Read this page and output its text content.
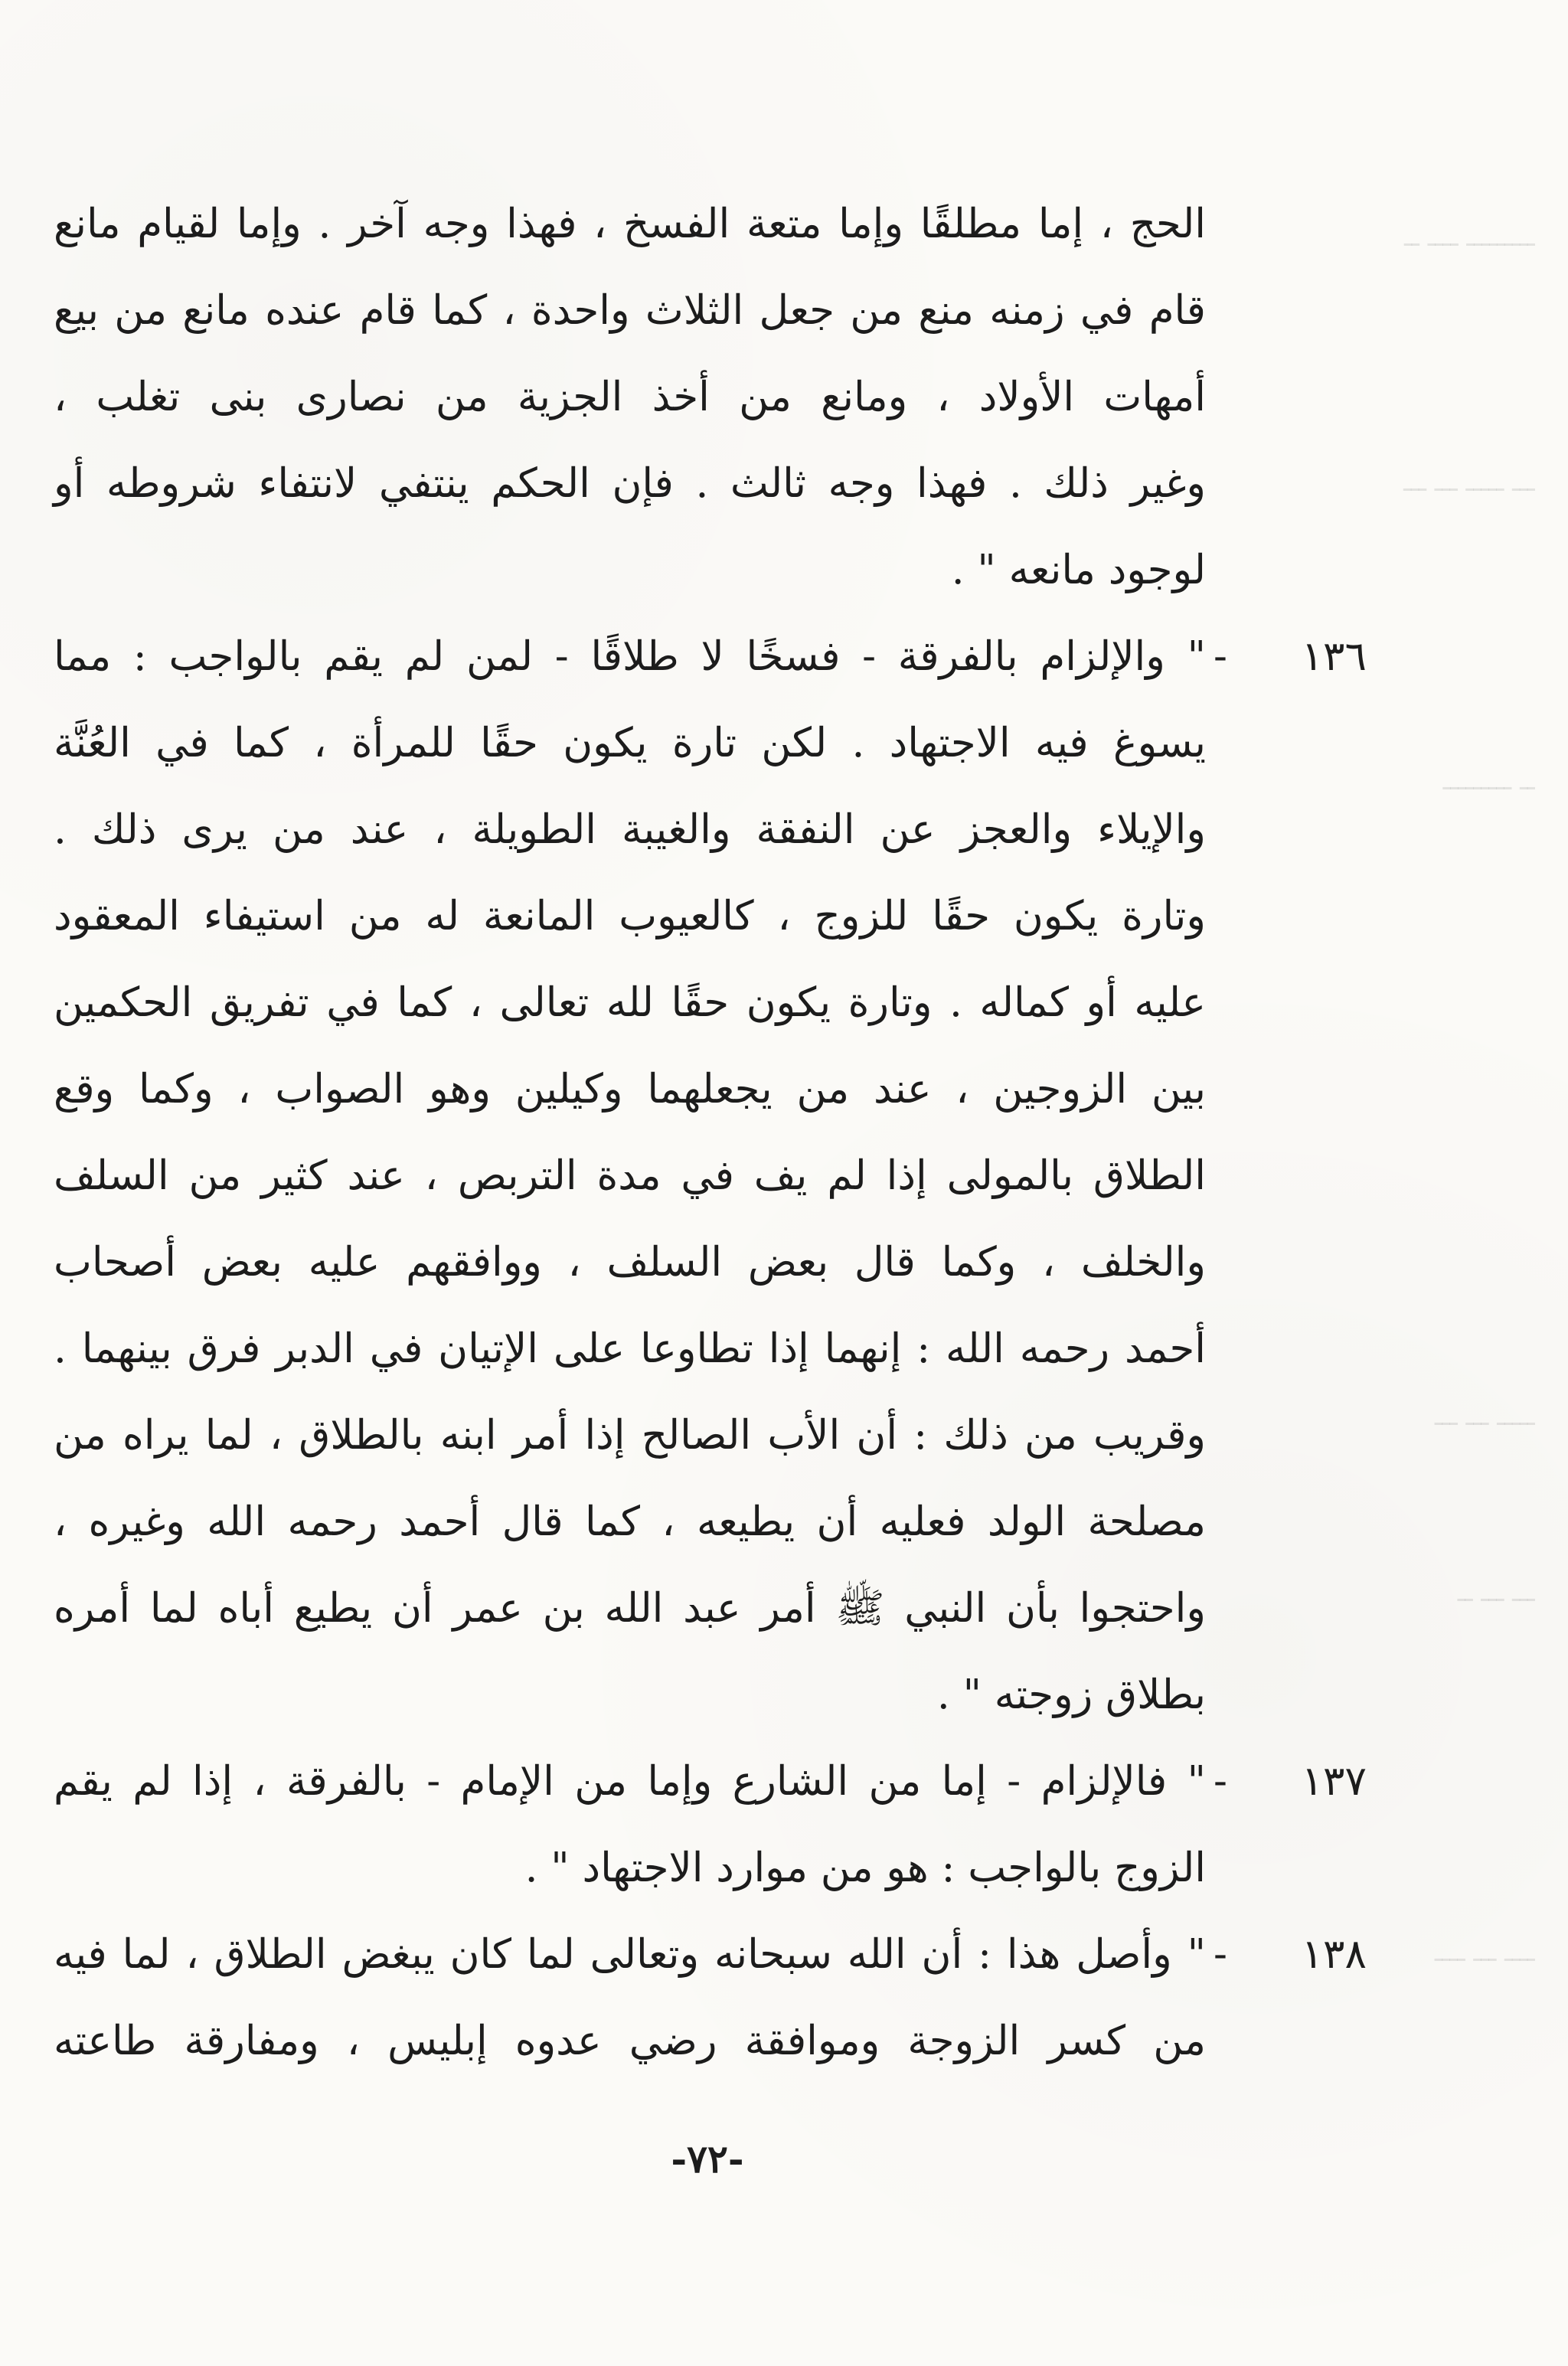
ـــــــــ ــــ ــ
ـــ ـــــ ـــ ـــ
ــ ـــــــــ
ـــــ ـــ ـــ
ـــ ـــ ــ
ــــ ـــ ــــ
الحج ، إما مطلقًا وإما متعة الفسخ ، فهذا وجه آخر . وإما لقيام مانع
قام في زمنه منع من جعل الثلاث واحدة ، كما قام عنده مانع من بيع
أمهات الأولاد ، ومانع من أخذ الجزية من نصارى بنى تغلب ،
وغير ذلك . فهذا وجه ثالث . فإن الحكم ينتفي لانتفاء شروطه أو
لوجود مانعه " .
١٣٦ -
" والإلزام بالفرقة - فسخًا لا طلاقًا - لمن لم يقم بالواجب : مما
يسوغ فيه الاجتهاد . لكن تارة يكون حقًا للمرأة ، كما في العُنَّة
والإيلاء والعجز عن النفقة والغيبة الطويلة ، عند من يرى ذلك .
وتارة يكون حقًا للزوج ، كالعيوب المانعة له من استيفاء المعقود
عليه أو كماله . وتارة يكون حقًا لله تعالى ، كما في تفريق الحكمين
بين الزوجين ، عند من يجعلهما وكيلين وهو الصواب ، وكما وقع
الطلاق بالمولى إذا لم يف في مدة التربص ، عند كثير من السلف
والخلف ، وكما قال بعض السلف ، ووافقهم عليه بعض أصحاب
أحمد رحمه الله : إنهما إذا تطاوعا على الإتيان في الدبر فرق بينهما .
وقريب من ذلك : أن الأب الصالح إذا أمر ابنه بالطلاق ، لما يراه من
مصلحة الولد فعليه أن يطيعه ، كما قال أحمد رحمه الله وغيره ،
واحتجوا بأن النبي ﷺ أمر عبد الله بن عمر أن يطيع أباه لما أمره
بطلاق زوجته " .
١٣٧ -
" فالإلزام - إما من الشارع وإما من الإمام - بالفرقة ، إذا لم يقم
الزوج بالواجب : هو من موارد الاجتهاد " .
١٣٨ -
" وأصل هذا : أن الله سبحانه وتعالى لما كان يبغض الطلاق ، لما فيه
من كسر الزوجة وموافقة رضي عدوه إبليس ، ومفارقة طاعته
-٧٢-
